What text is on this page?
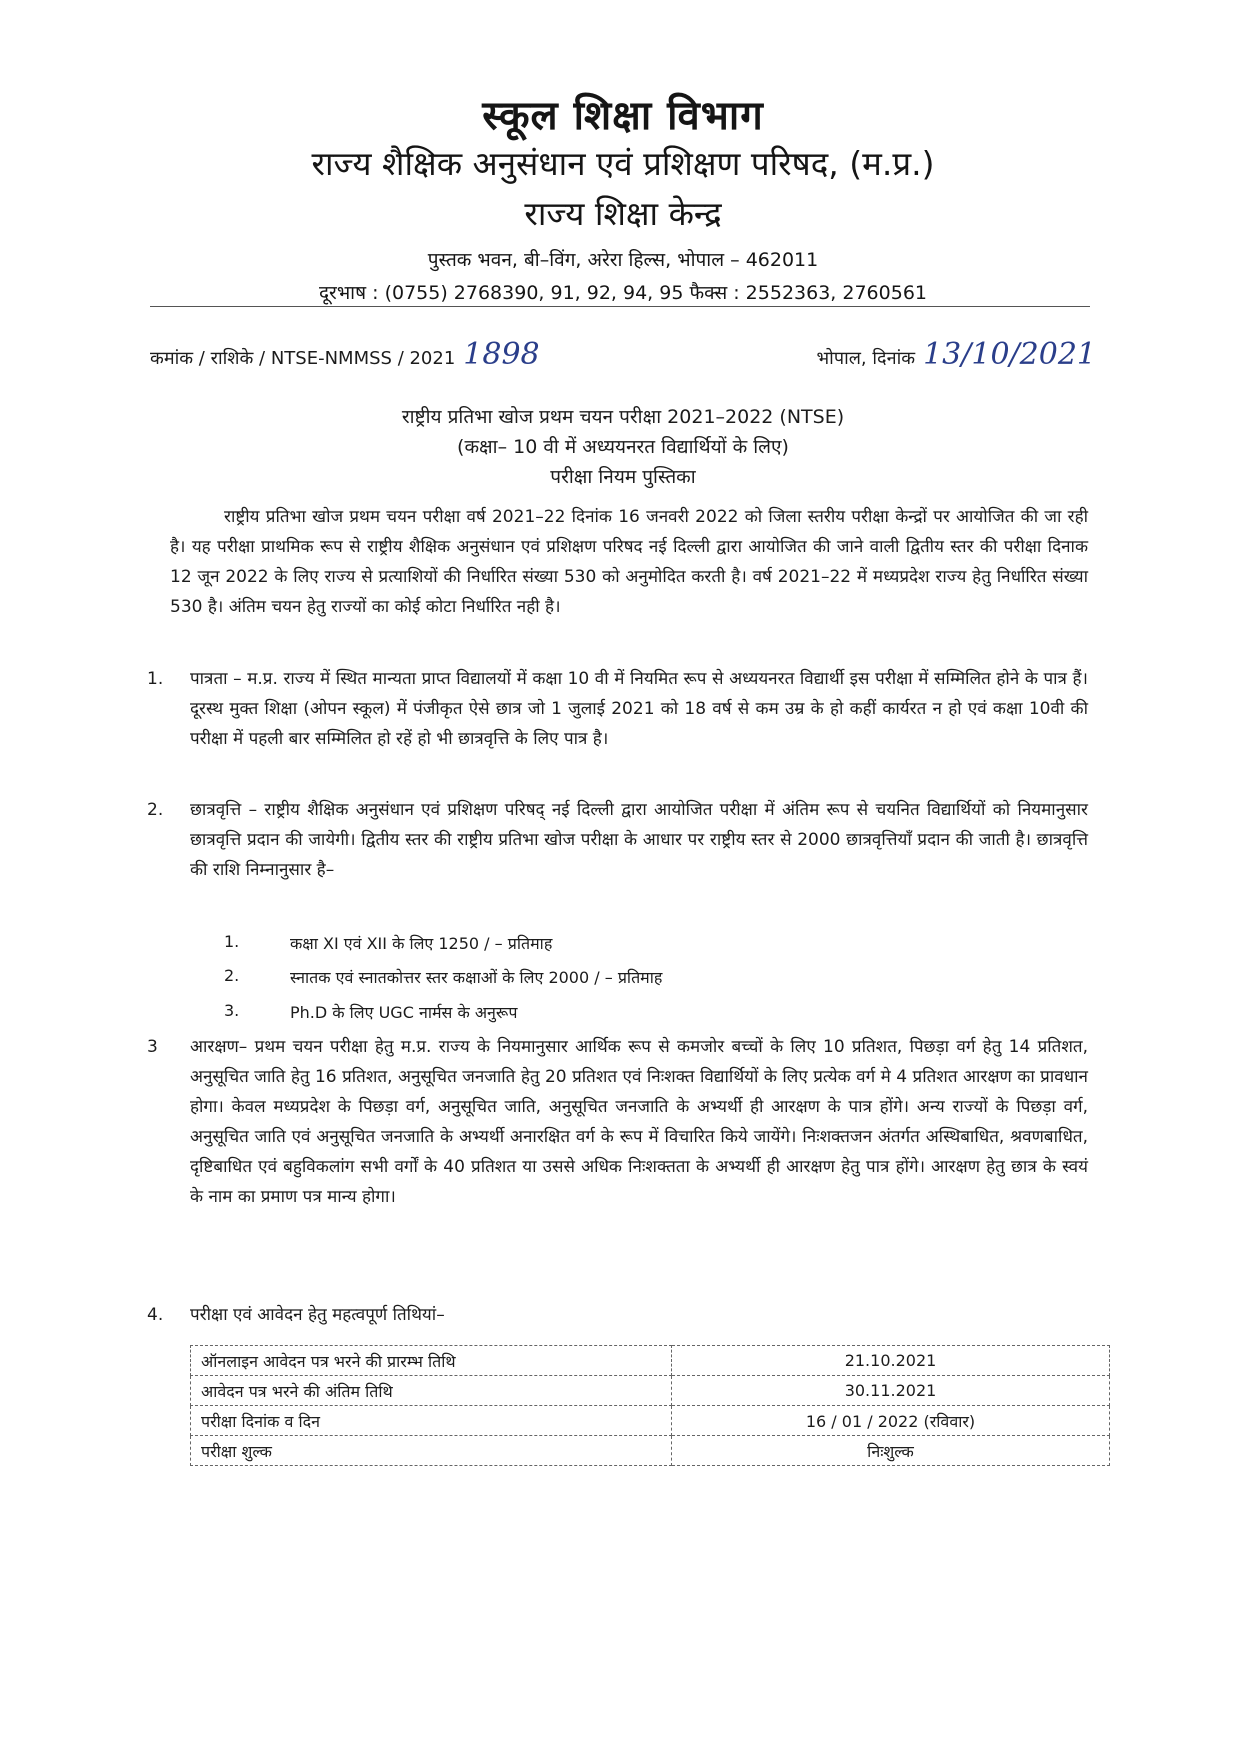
स्कूल शिक्षा विभाग
राज्य शैक्षिक अनुसंधान एवं प्रशिक्षण परिषद, (म.प्र.)
राज्य शिक्षा केन्द्र
पुस्तक भवन, बी–विंग, अरेरा हिल्स, भोपाल – 462011
दूरभाष : (0755) 2768390, 91, 92, 94, 95 फैक्स : 2552363, 2760561
कमांक / राशिके / NTSE-NMMSS / 2021 1898	भोपाल, दिनांक 13/10/2021
राष्ट्रीय प्रतिभा खोज प्रथम चयन परीक्षा 2021–2022 (NTSE)
(कक्षा– 10 वी में अध्ययनरत विद्यार्थियों के लिए)
परीक्षा नियम पुस्तिका
राष्ट्रीय प्रतिभा खोज प्रथम चयन परीक्षा वर्ष 2021–22 दिनांक 16 जनवरी 2022 को जिला स्तरीय परीक्षा केन्द्रों पर आयोजित की जा रही है। यह परीक्षा प्राथमिक रूप से राष्ट्रीय शैक्षिक अनुसंधान एवं प्रशिक्षण परिषद नई दिल्ली द्वारा आयोजित की जाने वाली द्वितीय स्तर की परीक्षा दिनाक 12 जून 2022 के लिए राज्य से प्रत्याशियों की निर्धारित संख्या 530 को अनुमोदित करती है। वर्ष 2021–22 में मध्यप्रदेश राज्य हेतु निर्धारित संख्या 530 है। अंतिम चयन हेतु राज्यों का कोई कोटा निर्धारित नही है।
1. पात्रता – म.प्र. राज्य में स्थित मान्यता प्राप्त विद्यालयों में कक्षा 10 वी में नियमित रूप से अध्ययनरत विद्यार्थी इस परीक्षा में सम्मिलित होने के पात्र हैं। दूरस्थ मुक्त शिक्षा (ओपन स्कूल) में पंजीकृत ऐसे छात्र जो 1 जुलाई 2021 को 18 वर्ष से कम उम्र के हो कहीं कार्यरत न हो एवं कक्षा 10वी की परीक्षा में पहली बार सम्मिलित हो रहें हो भी छात्रवृत्ति के लिए पात्र है।
2. छात्रवृत्ति – राष्ट्रीय शैक्षिक अनुसंधान एवं प्रशिक्षण परिषद् नई दिल्ली द्वारा आयोजित परीक्षा में अंतिम रूप से चयनित विद्यार्थियों को नियमानुसार छात्रवृत्ति प्रदान की जायेगी। द्वितीय स्तर की राष्ट्रीय प्रतिभा खोज परीक्षा के आधार पर राष्ट्रीय स्तर से 2000 छात्रवृत्तियाँ प्रदान की जाती है। छात्रवृत्ति की राशि निम्नानुसार है–
1.	कक्षा XI एवं XII के लिए 1250 / – प्रतिमाह
2.	स्नातक एवं स्नातकोत्तर स्तर कक्षाओं के लिए 2000 / – प्रतिमाह
3.	Ph.D के लिए UGC नार्मस के अनुरूप
3 आरक्षण– प्रथम चयन परीक्षा हेतु म.प्र. राज्य के नियमानुसार आर्थिक रूप से कमजोर बच्चों के लिए 10 प्रतिशत, पिछड़ा वर्ग हेतु 14 प्रतिशत, अनुसूचित जाति हेतु 16 प्रतिशत, अनुसूचित जनजाति हेतु 20 प्रतिशत एवं निःशक्त विद्यार्थियों के लिए प्रत्येक वर्ग मे 4 प्रतिशत आरक्षण का प्रावधान होगा। केवल मध्यप्रदेश के पिछड़ा वर्ग, अनुसूचित जाति, अनुसूचित जनजाति के अभ्यर्थी ही आरक्षण के पात्र होंगे। अन्य राज्यों के पिछड़ा वर्ग, अनुसूचित जाति एवं अनुसूचित जनजाति के अभ्यर्थी अनारक्षित वर्ग के रूप में विचारित किये जायेंगे। निःशक्तजन अंतर्गत अस्थिबाधित, श्रवणबाधित, दृष्टिबाधित एवं बहुविकलांग सभी वर्गों के 40 प्रतिशत या उससे अधिक निःशक्तता के अभ्यर्थी ही आरक्षण हेतु पात्र होंगे। आरक्षण हेतु छात्र के स्वयं के नाम का प्रमाण पत्र मान्य होगा।
4. परीक्षा एवं आवेदन हेतु महत्वपूर्ण तिथियां–
ऑनलाइन आवेदन पत्र भरने की प्रारम्भ तिथि	21.10.2021
आवेदन पत्र भरने की अंतिम तिथि	30.11.2021
परीक्षा दिनांक व दिन	16 / 01 / 2022 (रविवार)
परीक्षा शुल्क	निःशुल्क
